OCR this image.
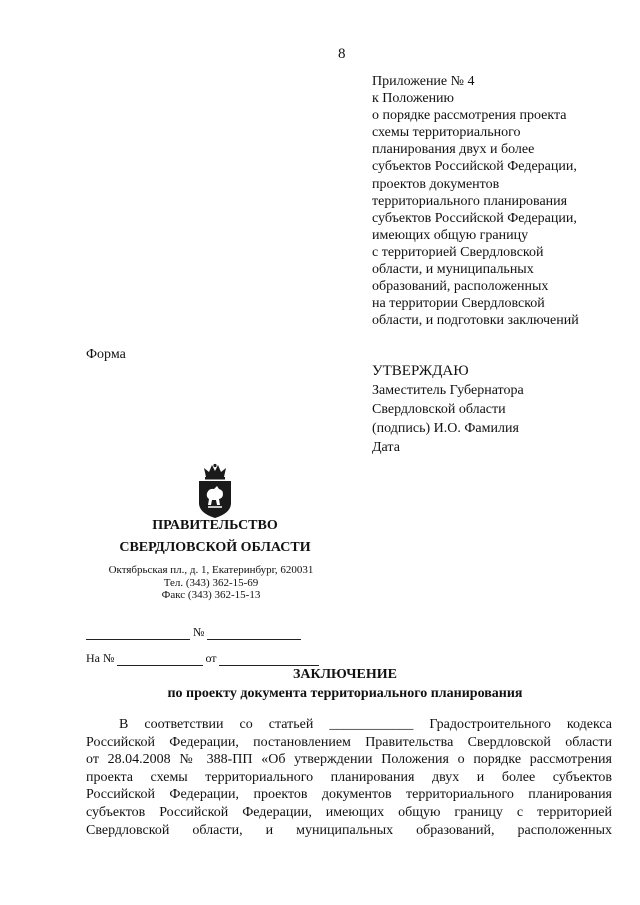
8
Приложение № 4
к Положению
о порядке рассмотрения проекта
схемы территориального
планирования двух и более
субъектов Российской Федерации,
проектов документов
территориального планирования
субъектов Российской Федерации,
имеющих общую границу
с территорией Свердловской
области, и муниципальных
образований, расположенных
на территории Свердловской
области, и подготовки заключений
Форма
УТВЕРЖДАЮ
Заместитель Губернатора
Свердловской области
(подпись) И.О. Фамилия
Дата
ПРАВИТЕЛЬСТВО
СВЕРДЛОВСКОЙ ОБЛАСТИ
Октябрьская пл., д. 1, Екатеринбург, 620031
Тел. (343) 362-15-69
Факс (343) 362-15-13
№
На №	от
ЗАКЛЮЧЕНИЕ
по проекту документа территориального планирования

В соответствии со статьей ____________ Градостроительного кодекса

Российской Федерации, постановлением Правительства Свердловской области

от 28.04.2008 № 388-ПП «Об утверждении Положения о порядке рассмотрения

проекта схемы территориального планирования двух и более субъектов

Российской Федерации, проектов документов территориального планирования

субъектов Российской Федерации, имеющих общую границу с территорией

Свердловской области, и муниципальных образований, расположенных
